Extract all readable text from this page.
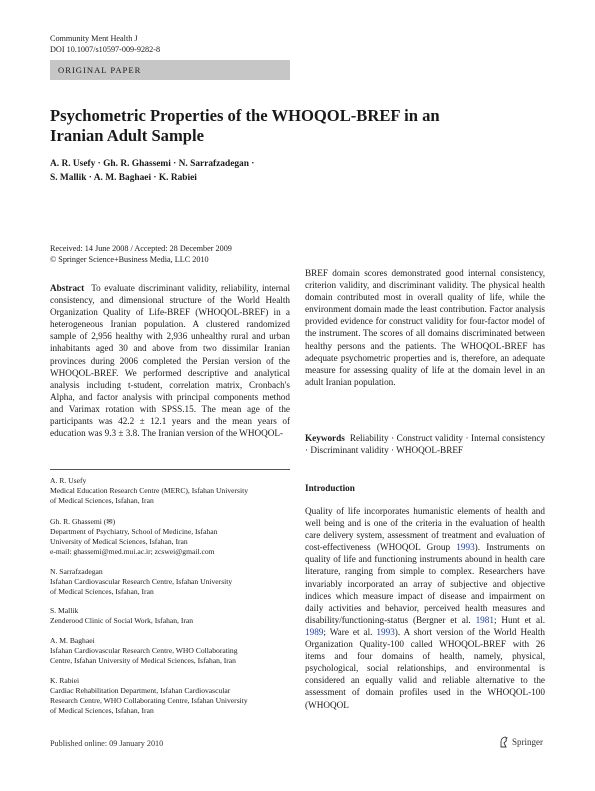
Community Ment Health J
DOI 10.1007/s10597-009-9282-8
ORIGINAL PAPER
Psychometric Properties of the WHOQOL-BREF in an Iranian Adult Sample
A. R. Usefy · Gh. R. Ghassemi · N. Sarrafzadegan ·
S. Mallik · A. M. Baghaei · K. Rabiei
Received: 14 June 2008 / Accepted: 28 December 2009
© Springer Science+Business Media, LLC 2010
Abstract To evaluate discriminant validity, reliability, internal consistency, and dimensional structure of the World Health Organization Quality of Life-BREF (WHOQOL-BREF) in a heterogeneous Iranian population. A clustered randomized sample of 2,956 healthy with 2,936 unhealthy rural and urban inhabitants aged 30 and above from two dissimilar Iranian provinces during 2006 completed the Persian version of the WHOQOL-BREF. We performed descriptive and analytical analysis including t-student, correlation matrix, Cronbach's Alpha, and factor analysis with principal components method and Varimax rotation with SPSS.15. The mean age of the participants was 42.2 ± 12.1 years and the mean years of education was 9.3 ± 3.8. The Iranian version of the WHOQOL-
BREF domain scores demonstrated good internal consistency, criterion validity, and discriminant validity. The physical health domain contributed most in overall quality of life, while the environment domain made the least contribution. Factor analysis provided evidence for construct validity for four-factor model of the instrument. The scores of all domains discriminated between healthy persons and the patients. The WHOQOL-BREF has adequate psychometric properties and is, therefore, an adequate measure for assessing quality of life at the domain level in an adult Iranian population.
Keywords Reliability · Construct validity · Internal consistency · Discriminant validity · WHOQOL-BREF
A. R. Usefy
Medical Education Research Centre (MERC), Isfahan University
of Medical Sciences, Isfahan, Iran
Gh. R. Ghassemi (✉)
Department of Psychiatry, School of Medicine, Isfahan
University of Medical Sciences, Isfahan, Iran
e-mail: ghassemi@med.mui.ac.ir; zcswei@gmail.com
N. Sarrafzadegan
Isfahan Cardiovascular Research Centre, Isfahan University
of Medical Sciences, Isfahan, Iran
S. Mallik
Zenderood Clinic of Social Work, Isfahan, Iran
A. M. Baghaei
Isfahan Cardiovascular Research Centre, WHO Collaborating
Centre, Isfahan University of Medical Sciences, Isfahan, Iran
K. Rabiei
Cardiac Rehabilitation Department, Isfahan Cardiovascular
Research Centre, WHO Collaborating Centre, Isfahan University
of Medical Sciences, Isfahan, Iran
Introduction
Quality of life incorporates humanistic elements of health and well being and is one of the criteria in the evaluation of health care delivery system, assessment of treatment and evaluation of cost-effectiveness (WHOQOL Group 1993). Instruments on quality of life and functioning instruments abound in health care literature, ranging from simple to complex. Researchers have invariably incorporated an array of subjective and objective indices which measure impact of disease and impairment on daily activities and behavior, perceived health measures and disability/functioning-status (Bergner et al. 1981; Hunt et al. 1989; Ware et al. 1993). A short version of the World Health Organization Quality-100 called WHOQOL-BREF with 26 items and four domains of health, namely, physical, psychological, social relationships, and environmental is considered an equally valid and reliable alternative to the assessment of domain profiles used in the WHOQOL-100 (WHOQOL
Published online: 09 January 2010	Springer
